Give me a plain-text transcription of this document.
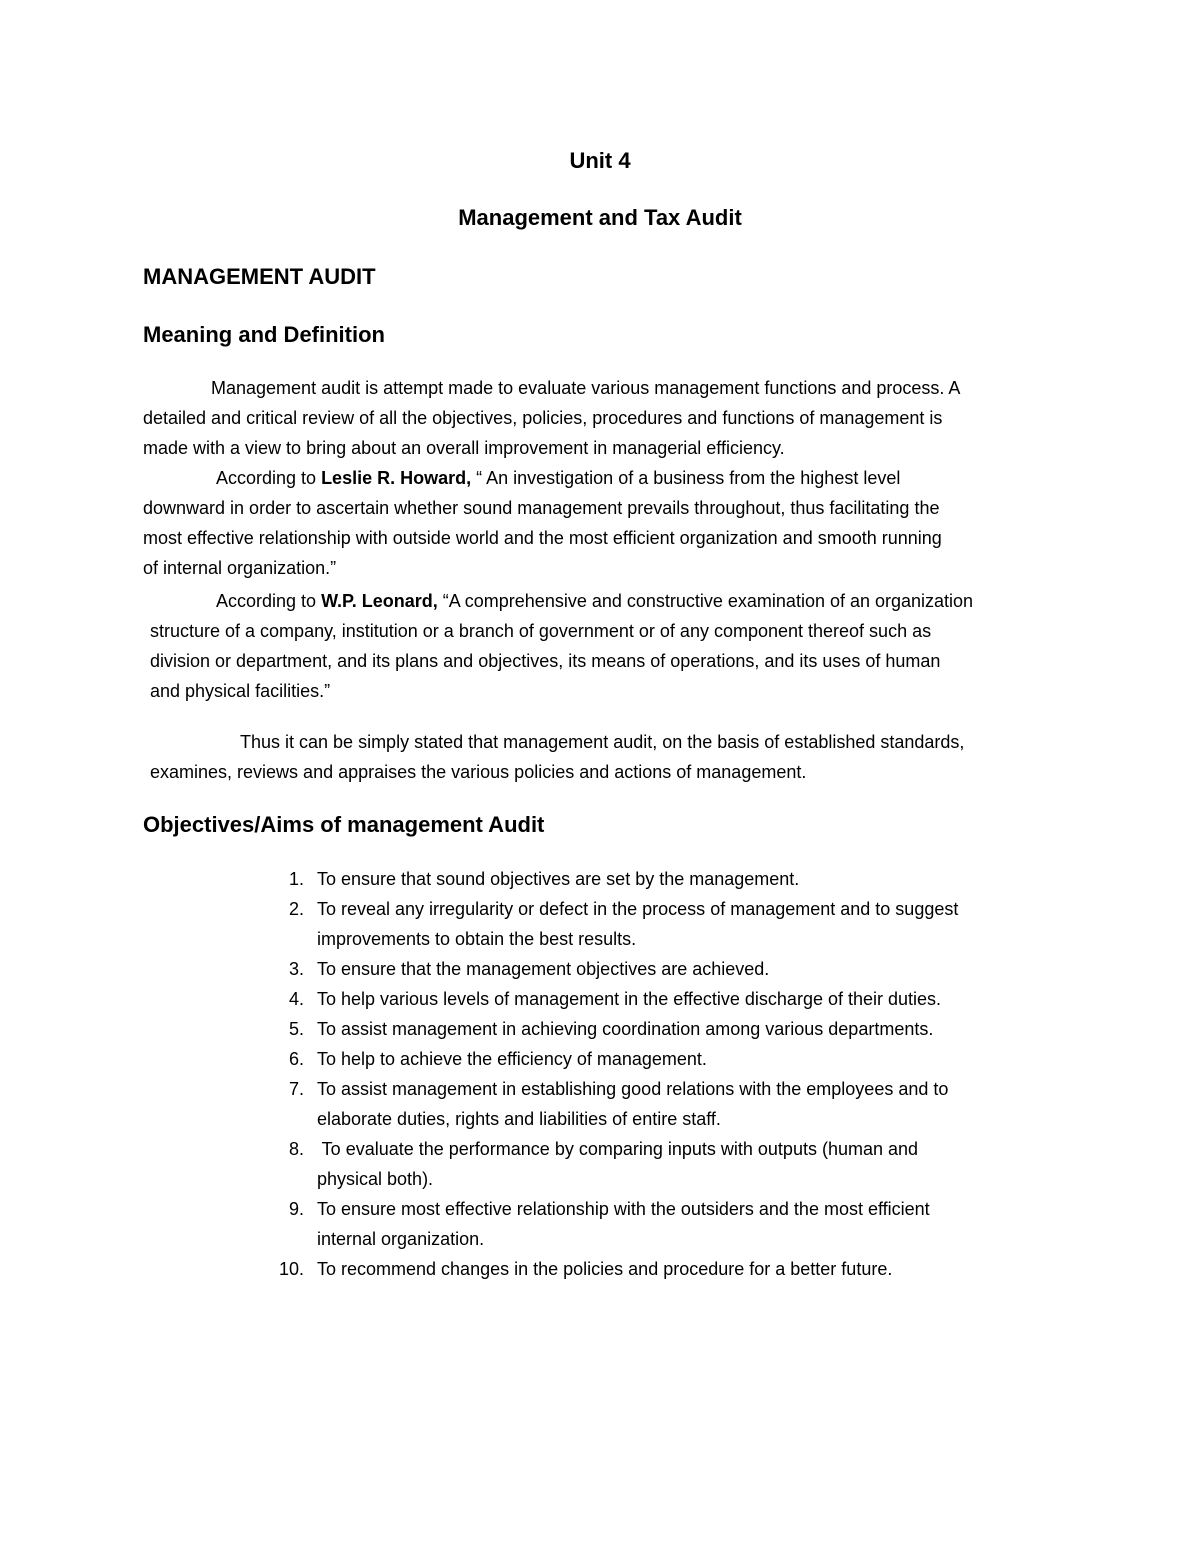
Unit 4
Management and Tax Audit
MANAGEMENT AUDIT
Meaning and Definition

Management audit is attempt made to evaluate various management functions and process. A
detailed and critical review of all the objectives, policies, procedures and functions of management is
made with a view to bring about an overall improvement in managerial efficiency.

According to Leslie R. Howard, “ An investigation of a business from the highest level
downward in order to ascertain whether sound management prevails throughout, thus facilitating the
most effective relationship with outside world and the most efficient organization and smooth running
of internal organization.”

According to W.P. Leonard, “A comprehensive and constructive examination of an organization
structure of a company, institution or a branch of government or of any component thereof such as
division or department, and its plans and objectives, its means of operations, and its uses of human
and physical facilities.”

Thus it can be simply stated that management audit, on the basis of established standards,
examines, reviews and appraises the various policies and actions of management.

Objectives/Aims of management Audit
1. To ensure that sound objectives are set by the management.
2. To reveal any irregularity or defect in the process of management and to suggest
improvements to obtain the best results.
3. To ensure that the management objectives are achieved.
4. To help various levels of management in the effective discharge of their duties.
5. To assist management in achieving coordination among various departments.
6. To help to achieve the efficiency of management.
7. To assist management in establishing good relations with the employees and to
elaborate duties, rights and liabilities of entire staff.
8. To evaluate the performance by comparing inputs with outputs (human and
physical both).
9. To ensure most effective relationship with the outsiders and the most efficient
internal organization.
10. To recommend changes in the policies and procedure for a better future.
